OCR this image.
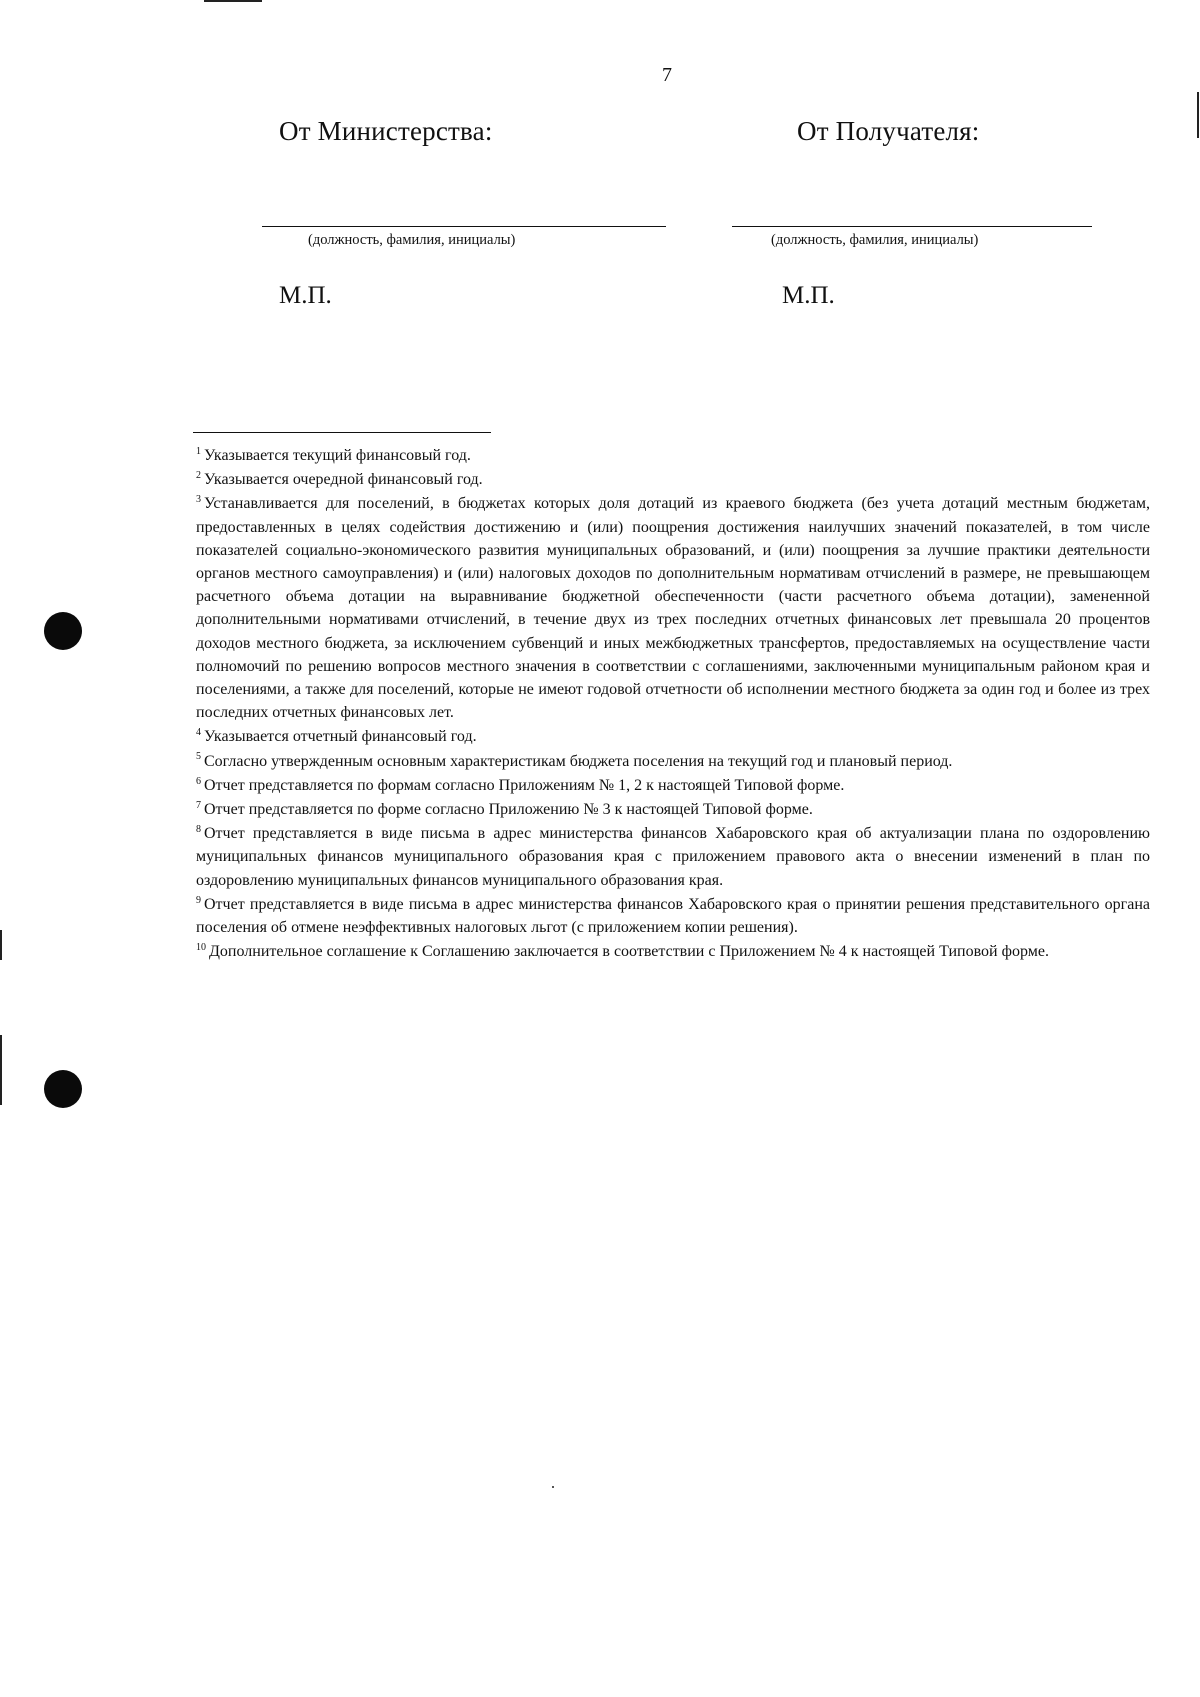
7
От Министерства:	От Получателя:
(должность, фамилия, инициалы)	(должность, фамилия, инициалы)
М.П.	М.П.

$^1$ Указывается текущий финансовый год.

$^2$ Указывается очередной финансовый год.

$^3$ Устанавливается для поселений, в бюджетах которых доля дотаций из краевого бюджета (без учета дотаций местным бюджетам, предоставленных в целях содействия достижению и (или) поощрения достижения наилучших значений показателей, в том числе показателей социально-экономического развития муниципальных образований, и (или) поощрения за лучшие практики деятельности органов местного самоуправления) и (или) налоговых доходов по дополнительным нормативам отчислений в размере, не превышающем расчетного объема дотации на выравнивание бюджетной обеспеченности (части расчетного объема дотации), замененной дополнительными нормативами отчислений, в течение двух из трех последних отчетных финансовых лет превышала 20 процентов доходов местного бюджета, за исключением субвенций и иных межбюджетных трансфертов, предоставляемых на осуществление части полномочий по решению вопросов местного значения в соответствии с соглашениями, заключенными муниципальным районом края и поселениями, а также для поселений, которые не имеют годовой отчетности об исполнении местного бюджета за один год и более из трех последних отчетных финансовых лет.

$^4$ Указывается отчетный финансовый год.

$^5$ Согласно утвержденным основным характеристикам бюджета поселения на текущий год и плановый период.

$^6$ Отчет представляется по формам согласно Приложениям № 1, 2 к настоящей Типовой форме.

$^7$ Отчет представляется по форме согласно Приложению № 3 к настоящей Типовой форме.

$^8$ Отчет представляется в виде письма в адрес министерства финансов Хабаровского края об актуализации плана по оздоровлению муниципальных финансов муниципального образования края с приложением правового акта о внесении изменений в план по оздоровлению муниципальных финансов муниципального образования края.

$^9$ Отчет представляется в виде письма в адрес министерства финансов Хабаровского края о принятии решения представительного органа поселения об отмене неэффективных налоговых льгот (с приложением копии решения).

$^{10}$ Дополнительное соглашение к Соглашению заключается в соответствии с Приложением № 4 к настоящей Типовой форме.
